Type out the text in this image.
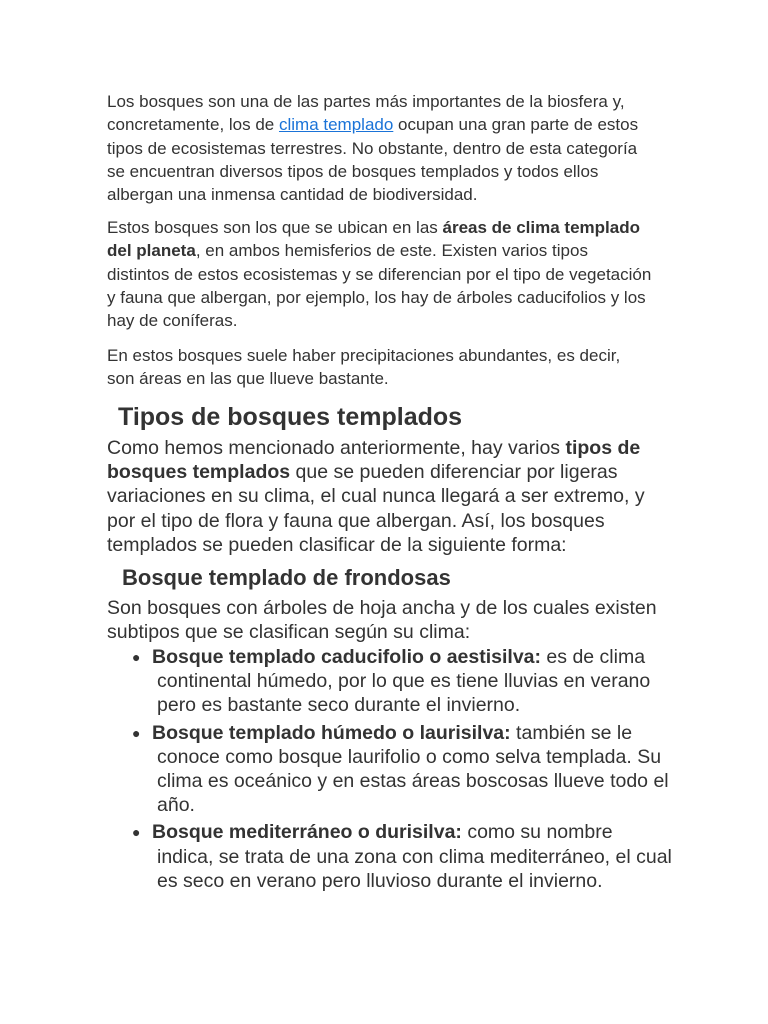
Los bosques son una de las partes más importantes de la biosfera y, concretamente, los de clima templado ocupan una gran parte de estos tipos de ecosistemas terrestres. No obstante, dentro de esta categoría se encuentran diversos tipos de bosques templados y todos ellos albergan una inmensa cantidad de biodiversidad.

Estos bosques son los que se ubican en las áreas de clima templado del planeta, en ambos hemisferios de este. Existen varios tipos distintos de estos ecosistemas y se diferencian por el tipo de vegetación y fauna que albergan, por ejemplo, los hay de árboles caducifolios y los hay de coníferas.

En estos bosques suele haber precipitaciones abundantes, es decir, son áreas en las que llueve bastante.

Tipos de bosques templados

Como hemos mencionado anteriormente, hay varios tipos de bosques templados que se pueden diferenciar por ligeras variaciones en su clima, el cual nunca llegará a ser extremo, y por el tipo de flora y fauna que albergan. Así, los bosques templados se pueden clasificar de la siguiente forma:

Bosque templado de frondosas

Son bosques con árboles de hoja ancha y de los cuales existen subtipos que se clasifican según su clima:

● Bosque templado caducifolio o aestisilva: es de clima
continental húmedo, por lo que es tiene lluvias en verano pero es bastante seco durante el invierno.
● Bosque templado húmedo o laurisilva: también se le
conoce como bosque laurifolio o como selva templada. Su clima es oceánico y en estas áreas boscosas llueve todo el año.
● Bosque mediterráneo o durisilva: como su nombre
indica, se trata de una zona con clima mediterráneo, el cual es seco en verano pero lluvioso durante el invierno.
